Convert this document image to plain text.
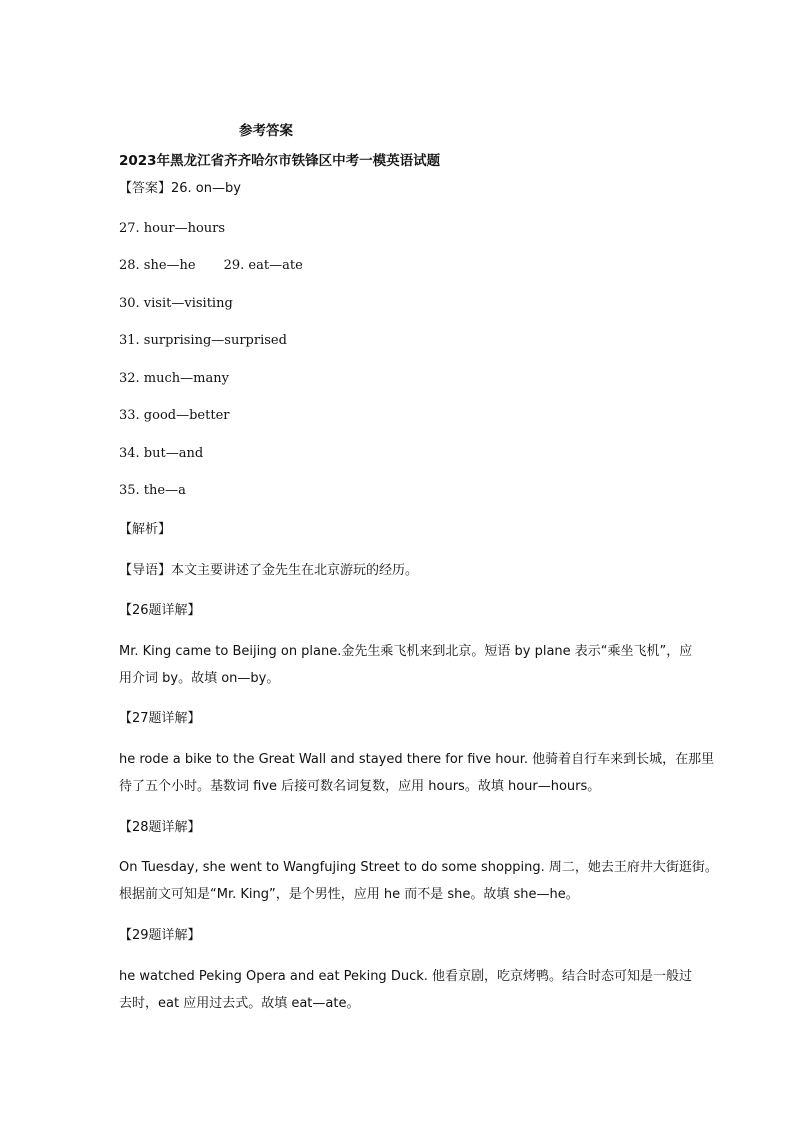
参考答案
2023年黑龙江省齐齐哈尔市铁锋区中考一模英语试题
【答案】26. on—by
27. hour—hours
28. she—he 29. eat—ate
30. visit—visiting
31. surprising—surprised
32. much—many
33. good—better
34. but—and
35. the—a
【解析】
【导语】本文主要讲述了金先生在北京游玩的经历。
【26题详解】
Mr. King came to Beijing on plane.金先生乘飞机来到北京。短语 by plane 表示“乘坐飞机”，应
用介词 by。故填 on—by。
【27题详解】
he rode a bike to the Great Wall and stayed there for five hour. 他骑着自行车来到长城，在那里
待了五个小时。基数词 five 后接可数名词复数，应用 hours。故填 hour—hours。
【28题详解】
On Tuesday, she went to Wangfujing Street to do some shopping. 周二，她去王府井大街逛街。
根据前文可知是“Mr. King”，是个男性，应用 he 而不是 she。故填 she—he。
【29题详解】
he watched Peking Opera and eat Peking Duck. 他看京剧，吃京烤鸭。结合时态可知是一般过
去时，eat 应用过去式。故填 eat—ate。
